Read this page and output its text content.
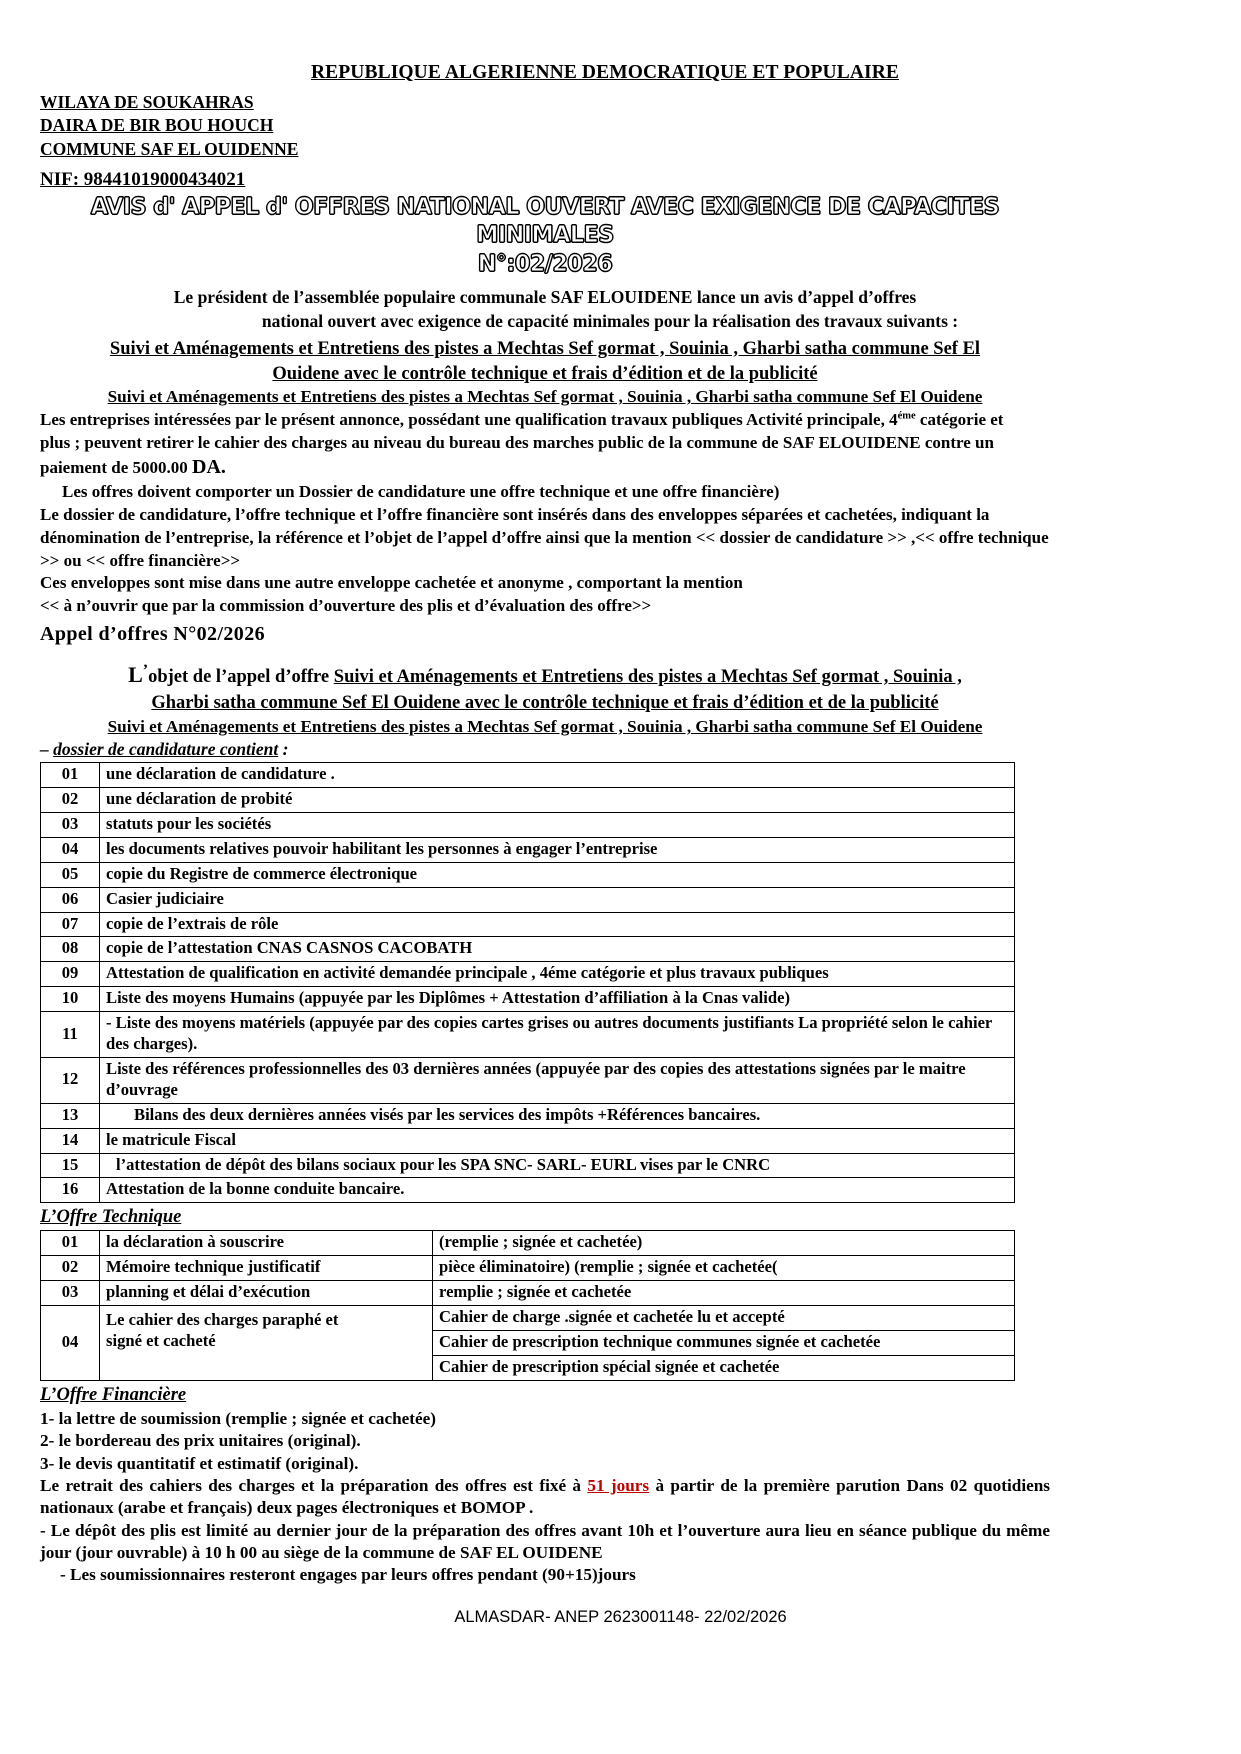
REPUBLIQUE ALGERIENNE DEMOCRATIQUE ET POPULAIRE
WILAYA DE SOUKAHRAS
DAIRA DE BIR BOU HOUCH
COMMUNE SAF EL OUIDENNE
NIF: 98441019000434021
AVIS d' APPEL d' OFFRES NATIONAL OUVERT AVEC EXIGENCE DE CAPACITES MINIMALES
N°:02/2026
Le président de l’assemblée populaire communale SAF ELOUIDENE lance un avis d’appel d’offres
national ouvert avec exigence de capacité minimales pour la réalisation des travaux suivants :
Suivi et Aménagements et Entretiens des pistes a Mechtas Sef gormat , Souinia , Gharbi satha commune Sef El
Ouidene avec le contrôle technique et frais d’édition et de la publicité
Suivi et Aménagements et Entretiens des pistes a Mechtas Sef gormat , Souinia , Gharbi satha commune Sef El Ouidene

Les entreprises intéressées par le présent annonce, possédant une qualification travaux publiques Activité principale, $4^{éme}$ catégorie et

plus ; peuvent retirer le cahier des charges au niveau du bureau des marches public de la commune de SAF ELOUIDENE contre un

paiement de 5000.00 DA.

Les offres doivent comporter un Dossier de candidature une offre technique et une offre financière)

Le dossier de candidature, l’offre technique et l’offre financière sont insérés dans des enveloppes séparées et cachetées, indiquant la

dénomination de l’entreprise, la référence et l’objet de l’appel d’offre ainsi que la mention << dossier de candidature >> ,<< offre technique

>> ou << offre financière>>

Ces enveloppes sont mise dans une autre enveloppe cachetée et anonyme , comportant la mention

<< à n’ouvrir que par la commission d’ouverture des plis et d’évaluation des offre>>

Appel d’offres N°02/2026
L’objet de l’appel d’offre Suivi et Aménagements et Entretiens des pistes a Mechtas Sef gormat , Souinia ,
Gharbi satha commune Sef El Ouidene avec le contrôle technique et frais d’édition et de la publicité
Suivi et Aménagements et Entretiens des pistes a Mechtas Sef gormat , Souinia , Gharbi satha commune Sef El Ouidene
– dossier de candidature contient :
01	une déclaration de candidature .
02	une déclaration de probité
03	statuts pour les sociétés
04	les documents relatives pouvoir habilitant les personnes à engager l’entreprise
05	copie du Registre de commerce électronique
06	Casier judiciaire
07	copie de l’extrais de rôle
08	copie de l’attestation CNAS CASNOS CACOBATH
09	Attestation de qualification en activité demandée principale , 4éme catégorie et plus travaux publiques
10	Liste des moyens Humains (appuyée par les Diplômes + Attestation d’affiliation à la Cnas valide)
11	- Liste des moyens matériels (appuyée par des copies cartes grises ou autres documents justifiants La propriété selon le cahier des charges).
12	Liste des références professionnelles des 03 dernières années (appuyée par des copies des attestations signées par le maitre d’ouvrage
13	Bilans des deux dernières années visés par les services des impôts +Références bancaires.
14	le matricule Fiscal
15	l’attestation de dépôt des bilans sociaux pour les SPA SNC- SARL- EURL vises par le CNRC
16	Attestation de la bonne conduite bancaire.
L’Offre Technique
01	la déclaration à souscrire	(remplie ; signée et cachetée)
02	Mémoire technique justificatif	pièce éliminatoire) (remplie ; signée et cachetée(
03	planning et délai d’exécution	remplie ; signée et cachetée
04	Le cahier des charges paraphé et
signé et cacheté	Cahier de charge .signée et cachetée lu et accepté
		Cahier de prescription technique communes signée et cachetée
		Cahier de prescription spécial signée et cachetée
L’Offre Financière

1- la lettre de soumission (remplie ; signée et cachetée)

2- le bordereau des prix unitaires (original).

3- le devis quantitatif et estimatif (original).

Le retrait des cahiers des charges et la préparation des offres est fixé à 51 jours à partir de la première parution Dans 02 quotidiens nationaux (arabe et français) deux pages électroniques et BOMOP .

- Le dépôt des plis est limité au dernier jour de la préparation des offres avant 10h et l’ouverture aura lieu en séance publique du même jour (jour ouvrable) à 10 h 00 au siège de la commune de SAF EL OUIDENE

- Les soumissionnaires resteront engages par leurs offres pendant (90+15)jours

ALMASDAR- ANEP 2623001148- 22/02/2026
